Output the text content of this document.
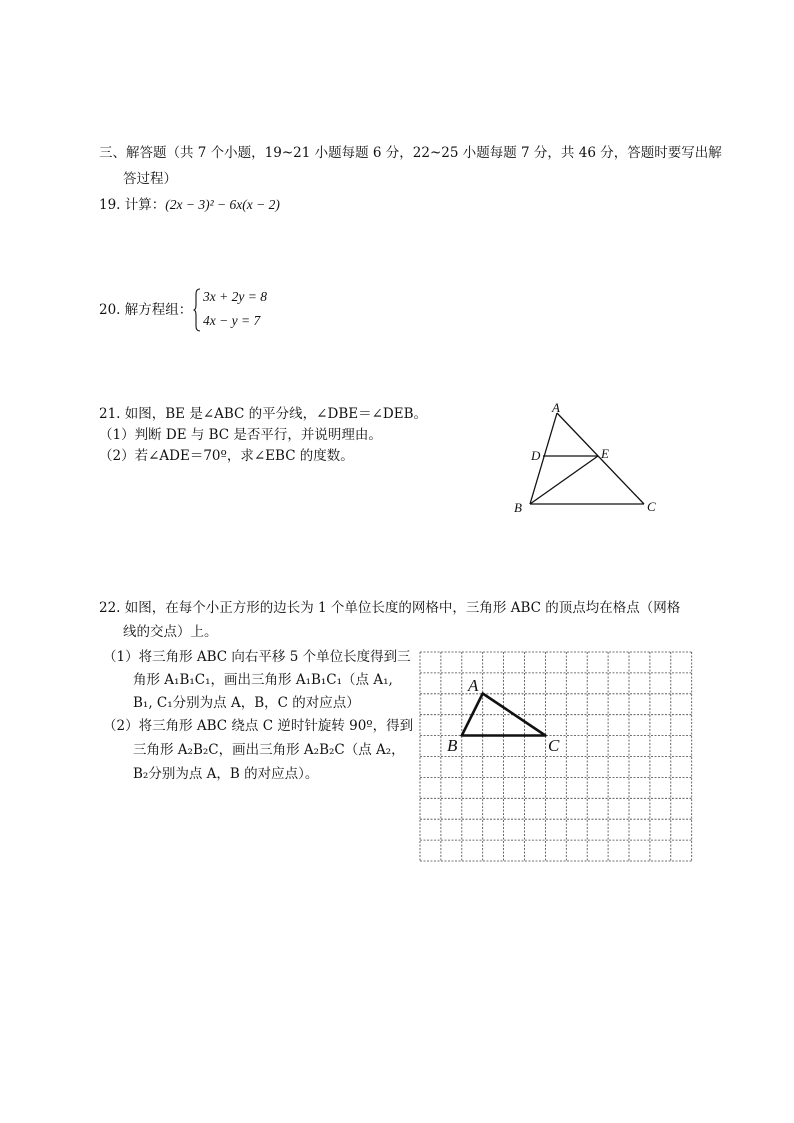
三、解答题（共 7 个小题，19~21 小题每题 6 分，22~25 小题每题 7 分，共 46 分，答题时要写出解
答过程）
19. 计算：(2x − 3)² − 6x(x − 2)
20. 解方程组：
3x + 2y = 8
4x − y = 7
21. 如图，BE 是∠ABC 的平分线，∠DBE＝∠DEB。
（1）判断 DE 与 BC 是否平行，并说明理由。
（2）若∠ADE＝70º，求∠EBC 的度数。
A
B	C
D	E
22. 如图，在每个小正方形的边长为 1 个单位长度的网格中，三角形 ABC 的顶点均在格点（网格
线的交点）上。
（1）将三角形 ABC 向右平移 5 个单位长度得到三
角形 A₁B₁C₁，画出三角形 A₁B₁C₁（点 A₁,
B₁, C₁分别为点 A，B，C 的对应点）
（2）将三角形 ABC 绕点 C 逆时针旋转 90º，得到
三角形 A₂B₂C，画出三角形 A₂B₂C（点 A₂，
B₂分别为点 A，B 的对应点）。
A
B	C
